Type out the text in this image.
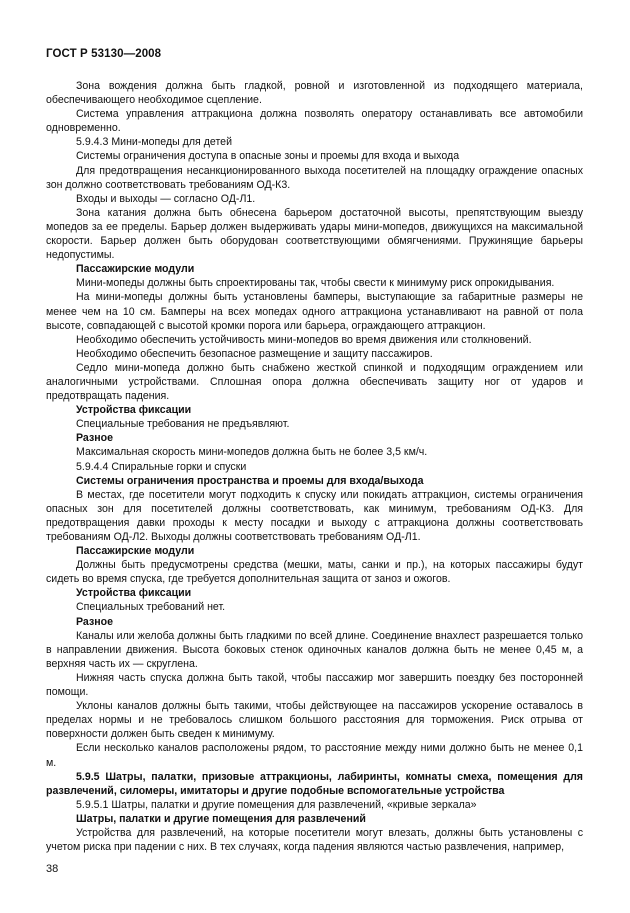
ГОСТ Р 53130—2008

Зона вождения должна быть гладкой, ровной и изготовленной из подходящего материала, обеспечивающего необходимое сцепление.

Система управления аттракциона должна позволять оператору останавливать все автомобили одновременно.

5.9.4.3 Мини-мопеды для детей

Системы ограничения доступа в опасные зоны и проемы для входа и выхода

Для предотвращения несанкционированного выхода посетителей на площадку ограждение опасных зон должно соответствовать требованиям ОД-К3.

Входы и выходы — согласно ОД-Л1.

Зона катания должна быть обнесена барьером достаточной высоты, препятствующим выезду мопедов за ее пределы. Барьер должен выдерживать удары мини-мопедов, движущихся на максимальной скорости. Барьер должен быть оборудован соответствующими обмягчениями. Пружинящие барьеры недопустимы.

Пассажирские модули

Мини-мопеды должны быть спроектированы так, чтобы свести к минимуму риск опрокидывания.

На мини-мопеды должны быть установлены бамперы, выступающие за габаритные размеры не менее чем на 10 см. Бамперы на всех мопедах одного аттракциона устанавливают на равной от пола высоте, совпадающей с высотой кромки порога или барьера, ограждающего аттракцион.

Необходимо обеспечить устойчивость мини-мопедов во время движения или столкновений.

Необходимо обеспечить безопасное размещение и защиту пассажиров.

Седло мини-мопеда должно быть снабжено жесткой спинкой и подходящим ограждением или аналогичными устройствами. Сплошная опора должна обеспечивать защиту ног от ударов и предотвращать падения.

Устройства фиксации

Специальные требования не предъявляют.

Разное

Максимальная скорость мини-мопедов должна быть не более 3,5 км/ч.

5.9.4.4 Спиральные горки и спуски

Системы ограничения пространства и проемы для входа/выхода

В местах, где посетители могут подходить к спуску или покидать аттракцион, системы ограничения опасных зон для посетителей должны соответствовать, как минимум, требованиям ОД-К3. Для предотвращения давки проходы к месту посадки и выходу с аттракциона должны соответствовать требованиям ОД-Л2. Выходы должны соответствовать требованиям ОД-Л1.

Пассажирские модули

Должны быть предусмотрены средства (мешки, маты, санки и пр.), на которых пассажиры будут сидеть во время спуска, где требуется дополнительная защита от заноз и ожогов.

Устройства фиксации

Специальных требований нет.

Разное

Каналы или желоба должны быть гладкими по всей длине. Соединение внахлест разрешается только в направлении движения. Высота боковых стенок одиночных каналов должна быть не менее 0,45 м, а верхняя часть их — скруглена.

Нижняя часть спуска должна быть такой, чтобы пассажир мог завершить поездку без посторонней помощи.

Уклоны каналов должны быть такими, чтобы действующее на пассажиров ускорение оставалось в пределах нормы и не требовалось слишком большого расстояния для торможения. Риск отрыва от поверхности должен быть сведен к минимуму.

Если несколько каналов расположены рядом, то расстояние между ними должно быть не менее 0,1 м.

5.9.5 Шатры, палатки, призовые аттракционы, лабиринты, комнаты смеха, помещения для развлечений, силомеры, имитаторы и другие подобные вспомогательные устройства

5.9.5.1 Шатры, палатки и другие помещения для развлечений, «кривые зеркала»

Шатры, палатки и другие помещения для развлечений

Устройства для развлечений, на которые посетители могут влезать, должны быть установлены с учетом риска при падении с них. В тех случаях, когда падения являются частью развлечения, например,

38
